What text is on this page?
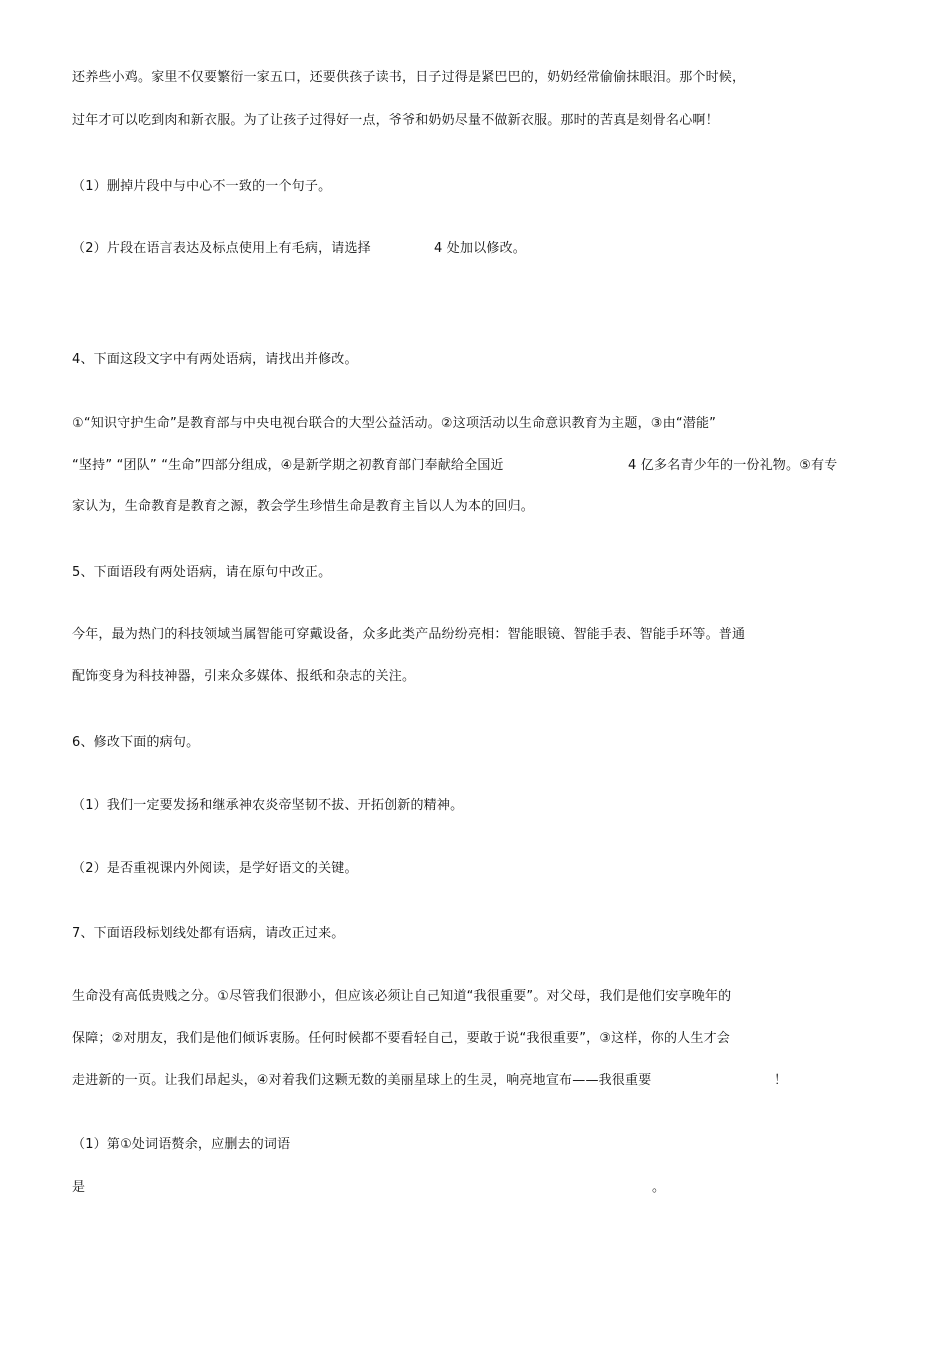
还养些小鸡。家里不仅要繁衍一家五口，还要供孩子读书，日子过得是紧巴巴的，奶奶经常偷偷抹眼泪。那个时候，
过年才可以吃到肉和新衣服。为了让孩子过得好一点，爷爷和奶奶尽量不做新衣服。那时的苦真是刻骨名心啊！
（1）删掉片段中与中心不一致的一个句子。
（2）片段在语言表达及标点使用上有毛病，请选择	4 处加以修改。
4、下面这段文字中有两处语病，请找出并修改。
①“知识守护生命”是教育部与中央电视台联合的大型公益活动。②这项活动以生命意识教育为主题，③由“潜能”
“坚持” “团队” “生命”四部分组成，④是新学期之初教育部门奉献给全国近	4 亿多名青少年的一份礼物。⑤有专
家认为，生命教育是教育之源，教会学生珍惜生命是教育主旨以人为本的回归。
5、下面语段有两处语病，请在原句中改正。
今年，最为热门的科技领域当属智能可穿戴设备，众多此类产品纷纷亮相：智能眼镜、智能手表、智能手环等。普通
配饰变身为科技神器，引来众多媒体、报纸和杂志的关注。
6、修改下面的病句。
（1）我们一定要发扬和继承神农炎帝坚韧不拔、开拓创新的精神。
（2）是否重视课内外阅读，是学好语文的关键。
7、下面语段标划线处都有语病，请改正过来。
生命没有高低贵贱之分。①尽管我们很渺小，但应该必须让自己知道“我很重要”。对父母，我们是他们安享晚年的
保障；②对朋友，我们是他们倾诉衷肠。任何时候都不要看轻自己，要敢于说“我很重要”，③这样，你的人生才会
走进新的一页。让我们昂起头，④对着我们这颗无数的美丽星球上的生灵，响亮地宣布——我很重要	！
（1）第①处词语赘余，应删去的词语
是	。
